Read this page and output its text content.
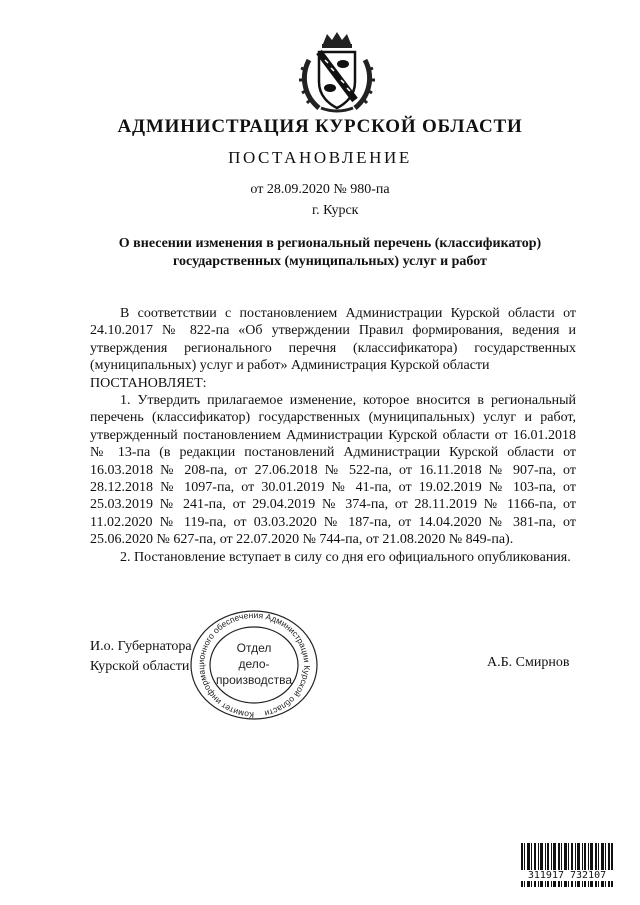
АДМИНИСТРАЦИЯ КУРСКОЙ ОБЛАСТИ
ПОСТАНОВЛЕНИЕ
от 28.09.2020 № 980-па
г. Курск
О внесении изменения в региональный перечень (классификатор)
государственных (муниципальных) услуг и работ

В соответствии с постановлением Администрации Курской области от 24.10.2017 № 822-па «Об утверждении Правил формирования, ведения и утверждения регионального перечня (классификатора) государственных (муниципальных) услуг и работ» Администрация Курской области

ПОСТАНОВЛЯЕТ:

1. Утвердить прилагаемое изменение, которое вносится в региональный перечень (классификатор) государственных (муниципальных) услуг и работ, утвержденный постановлением Администрации Курской области от 16.01.2018 № 13-па (в редакции постановлений Администрации Курской области от 16.03.2018 № 208-па, от 27.06.2018 № 522-па, от 16.11.2018 № 907-па, от 28.12.2018 № 1097-па, от 30.01.2019 № 41-па, от 19.02.2019 № 103-па, от 25.03.2019 № 241-па, от 29.04.2019 № 374-па, от 28.11.2019 № 1166-па, от 11.02.2020 № 119-па, от 03.03.2020 № 187-па, от 14.04.2020 № 381-па, от 25.06.2020 № 627-па, от 22.07.2020 № 744-па, от 21.08.2020 № 849-па).

2. Постановление вступает в силу со дня его официального опубликования.

И.о. Губернатора
Курской области	А.Б. Смирнов
Комитет информационного обеспечения Администрации Курской области
Отдел
дело-
производства
311917 732107
